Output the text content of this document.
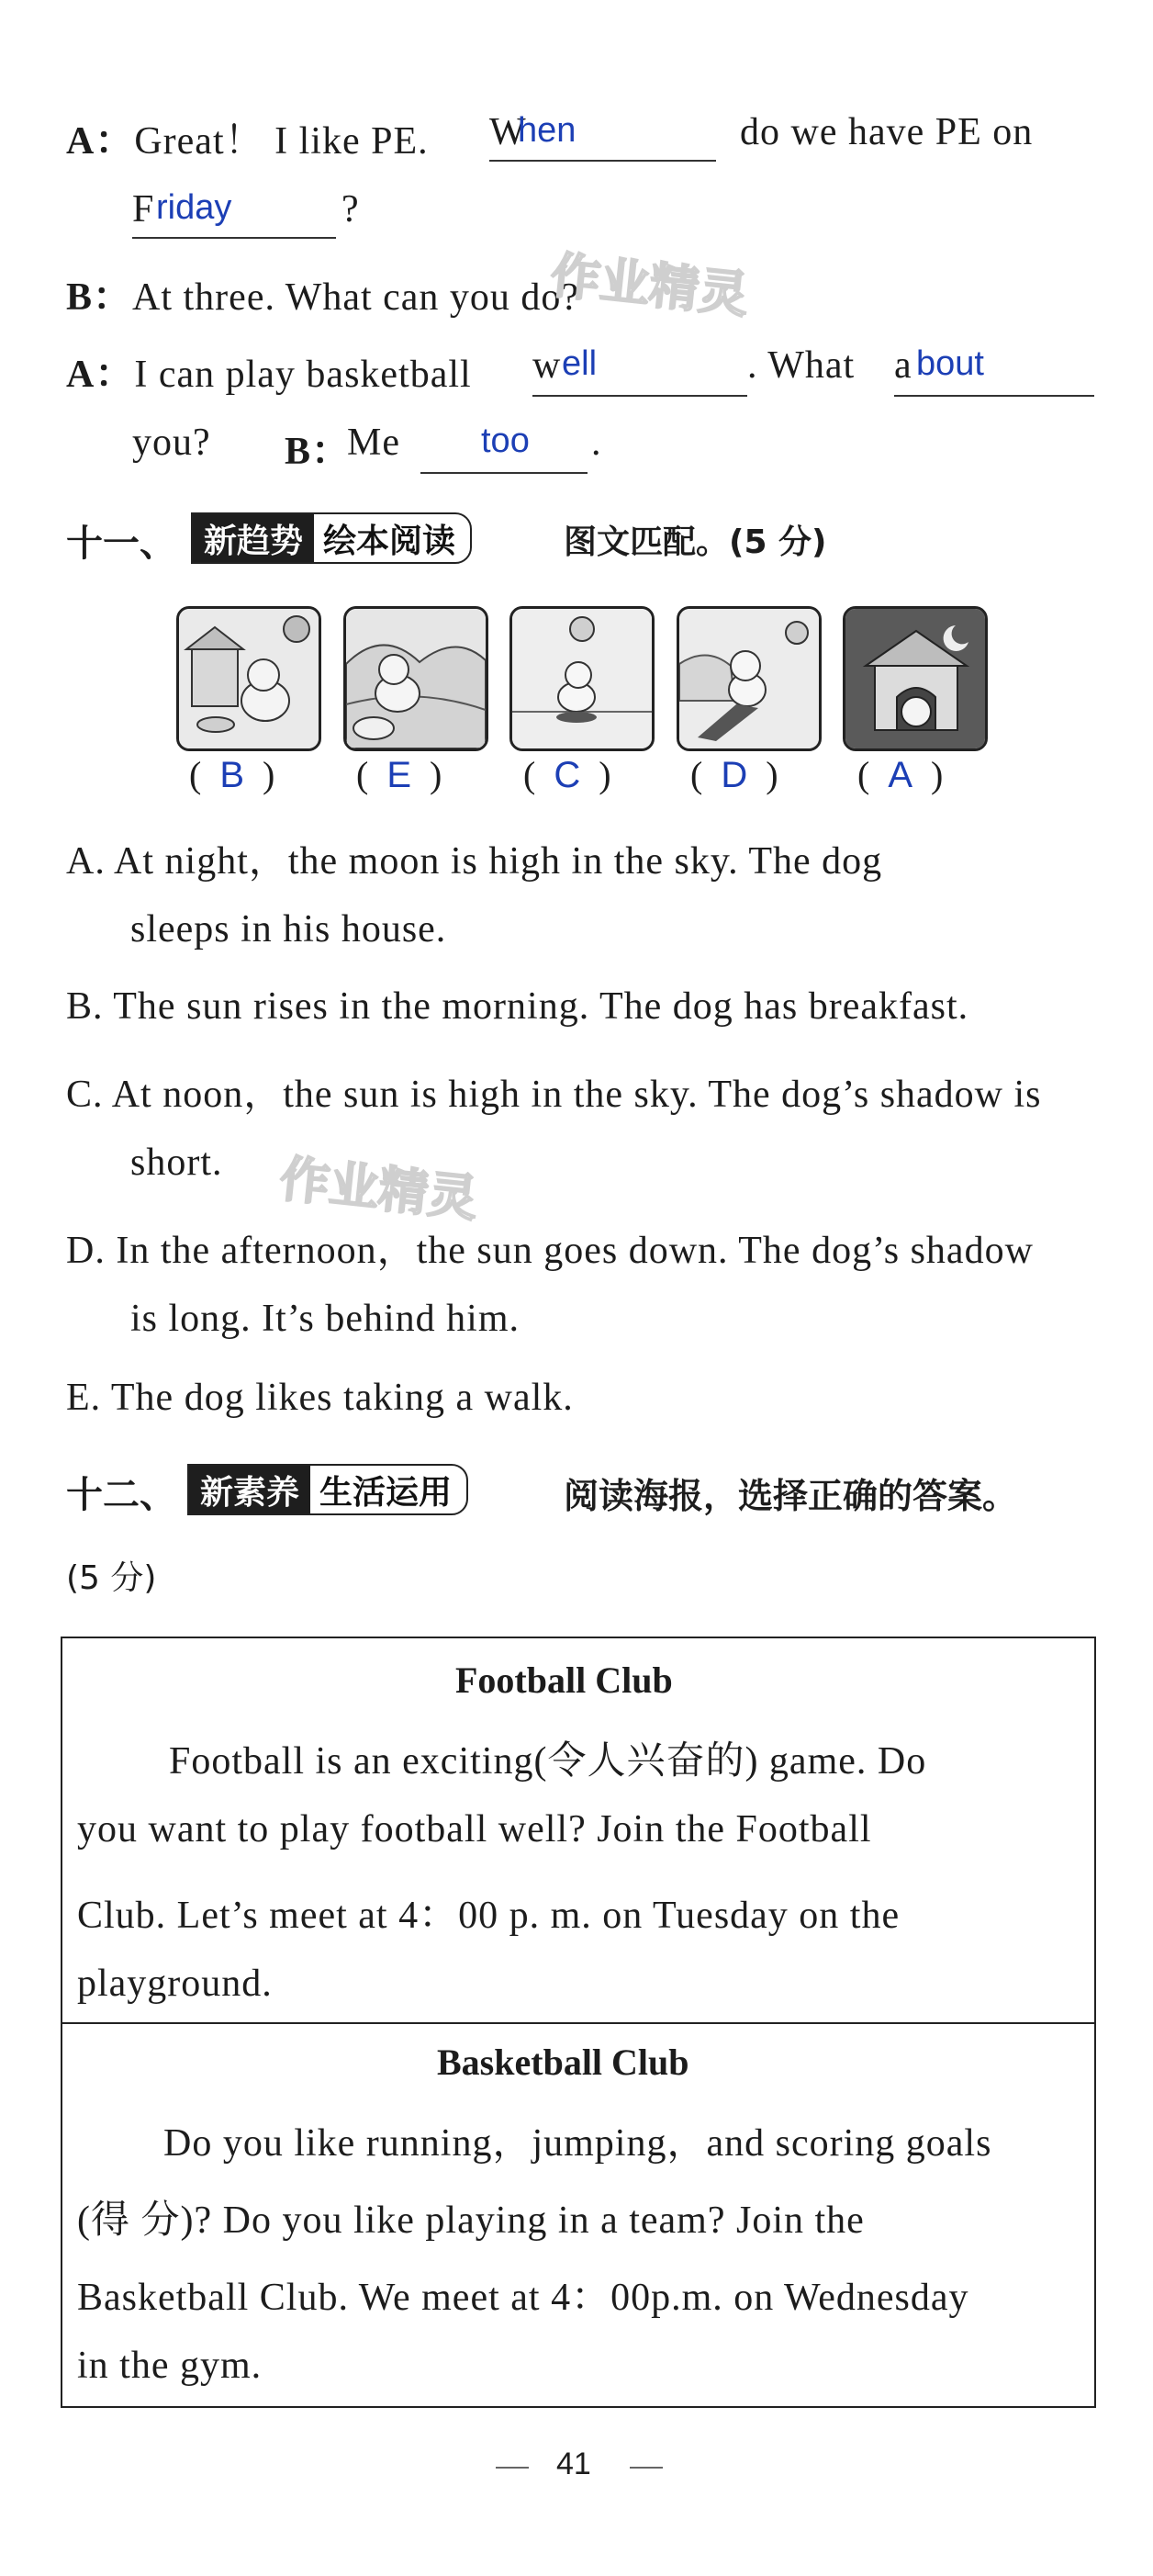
A：Great！ I like PE. W
hen	do we have PE on
F riday	?
B：At three. What can you do?
A：I can play basketball w ell	. What a bout
you? B：
Me too .
作业精灵
十一、 新趋势 绘本阅读	图文匹配。(5 分)
(  B  ) (  E  ) (  C  ) (  D  ) (  A  )
A. At night，the moon is high in the sky. The dog
sleeps in his house.
B. The sun rises in the morning. The dog has breakfast.
C. At noon，the sun is high in the sky. The dog’s shadow is
short. 作业精灵
D. In the afternoon，the sun goes down. The dog’s shadow
is long. It’s behind him.
E. The dog likes taking a walk.
十二、 新素养 生活运用	阅读海报，选择正确的答案。
(5 分)
Football Club
Football is an exciting(令人兴奋的) game. Do
you want to play football well? Join the Football
Club. Let’s meet at 4：00 p. m. on Tuesday on the
playground.
Basketball Club
Do you like running，jumping，and scoring goals
(得 分)? Do you like playing in a team? Join the
Basketball Club. We meet at 4：00p.m. on Wednesday
in the gym.
41
